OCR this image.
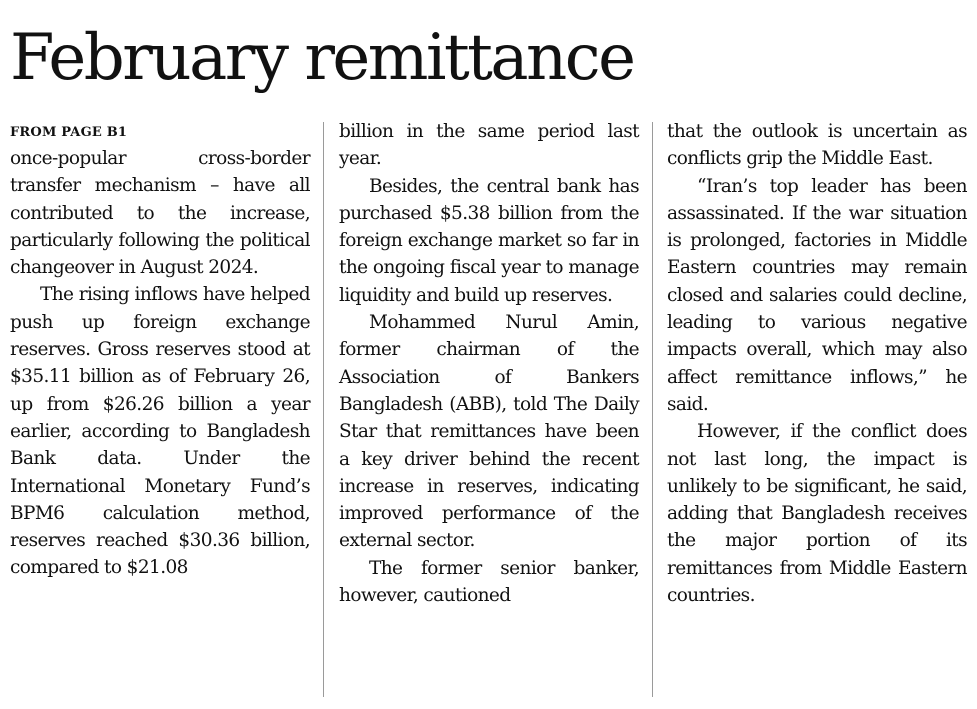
February remittance
FROM PAGE B1

once-popular cross-border transfer mechanism – have all contributed to the increase, particularly following the political changeover in August 2024.

The rising inflows have helped push up foreign exchange reserves. Gross reserves stood at $35.11 billion as of February 26, up from $26.26 billion a year earlier, according to Bangladesh Bank data. Under the International Monetary Fund’s BPM6 calculation method, reserves reached $30.36 billion, compared to $21.08

billion in the same period last year.

Besides, the central bank has purchased $5.38 billion from the foreign exchange market so far in the ongoing fiscal year to manage liquidity and build up reserves.

Mohammed Nurul Amin, former chairman of the Association of Bankers Bangladesh (ABB), told The Daily Star that remittances have been a key driver behind the recent increase in reserves, indicating improved performance of the external sector.

The former senior banker, however, cautioned

that the outlook is uncertain as conflicts grip the Middle East.

“Iran’s top leader has been assassinated. If the war situation is prolonged, factories in Middle Eastern countries may remain closed and salaries could decline, leading to various negative impacts overall, which may also affect remittance inflows,” he said.

However, if the conflict does not last long, the impact is unlikely to be significant, he said, adding that Bangladesh receives the major portion of its remittances from Middle Eastern countries.
